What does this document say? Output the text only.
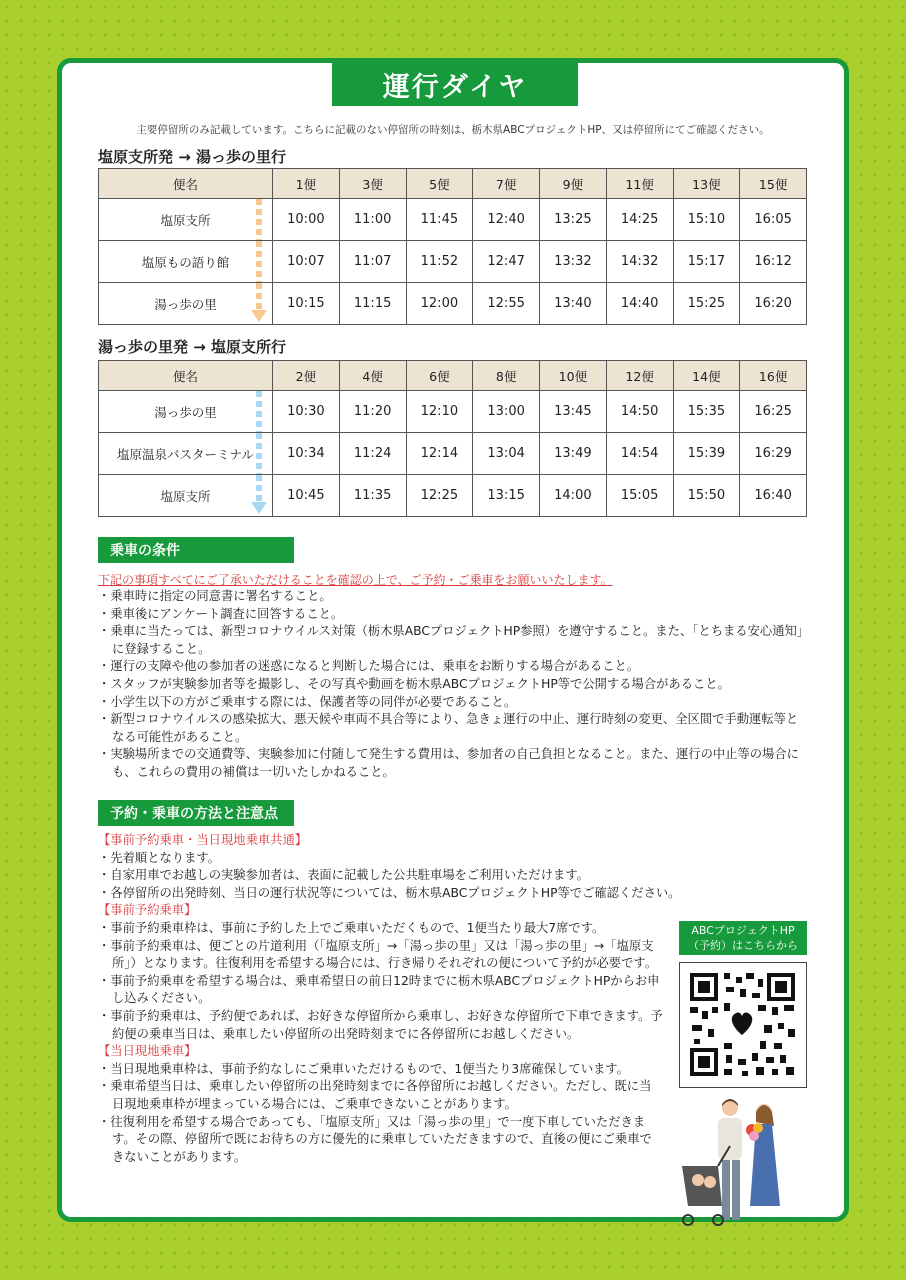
運行ダイヤ
主要停留所のみ記載しています。こちらに記載のない停留所の時刻は、栃木県ABCプロジェクトHP、又は停留所にてご確認ください。
塩原支所発 → 湯っ歩の里行
便名	1便	3便	5便	7便	9便	11便	13便	15便
塩原支所	10:00	11:00	11:45	12:40	13:25	14:25	15:10	16:05
塩原もの語り館	10:07	11:07	11:52	12:47	13:32	14:32	15:17	16:12
湯っ歩の里	10:15	11:15	12:00	12:55	13:40	14:40	15:25	16:20
湯っ歩の里発 → 塩原支所行
便名	2便	4便	6便	8便	10便	12便	14便	16便
湯っ歩の里	10:30	11:20	12:10	13:00	13:45	14:50	15:35	16:25
塩原温泉バスターミナル	10:34	11:24	12:14	13:04	13:49	14:54	15:39	16:29
塩原支所	10:45	11:35	12:25	13:15	14:00	15:05	15:50	16:40
乗車の条件
下記の事項すべてにご了承いただけることを確認の上で、ご予約・ご乗車をお願いいたします。
・ 乗車時に指定の同意書に署名すること。
・ 乗車後にアンケート調査に回答すること。
・ 乗車に当たっては、新型コロナウイルス対策（栃木県ABCプロジェクトHP参照）を遵守すること。また、「とちまる安心通知」に登録すること。
・ 運行の支障や他の参加者の迷惑になると判断した場合には、乗車をお断りする場合があること。
・ スタッフが実験参加者等を撮影し、その写真や動画を栃木県ABCプロジェクトHP等で公開する場合があること。
・ 小学生以下の方がご乗車する際には、保護者等の同伴が必要であること。
・ 新型コロナウイルスの感染拡大、悪天候や車両不具合等により、急きょ運行の中止、運行時刻の変更、全区間で手動運転等となる可能性があること。
・ 実験場所までの交通費等、実験参加に付随して発生する費用は、参加者の自己負担となること。また、運行の中止等の場合にも、これらの費用の補償は一切いたしかねること。
予約・乗車の方法と注意点
【事前予約乗車・当日現地乗車共通】
・ 先着順となります。
・ 自家用車でお越しの実験参加者は、表面に記載した公共駐車場をご利用いただけます。
・ 各停留所の出発時刻、当日の運行状況等については、栃木県ABCプロジェクトHP等でご確認ください。
【事前予約乗車】
・ 事前予約乗車枠は、事前に予約した上でご乗車いただくもので、1便当たり最大7席です。
・ 事前予約乗車は、便ごとの片道利用（「塩原支所」→「湯っ歩の里」又は「湯っ歩の里」→「塩原支所」）となります。往復利用を希望する場合には、行き帰りそれぞれの便について予約が必要です。
・ 事前予約乗車を希望する場合は、乗車希望日の前日12時までに栃木県ABCプロジェクトHPからお申し込みください。
・ 事前予約乗車は、予約便であれば、お好きな停留所から乗車し、お好きな停留所で下車できます。予約便の乗車当日は、乗車したい停留所の出発時刻までに各停留所にお越しください。
【当日現地乗車】
・ 当日現地乗車枠は、事前予約なしにご乗車いただけるもので、1便当たり3席確保しています。
・ 乗車希望当日は、乗車したい停留所の出発時刻までに各停留所にお越しください。ただし、既に当日現地乗車枠が埋まっている場合には、ご乗車できないことがあります。
・ 往復利用を希望する場合であっても、「塩原支所」又は「湯っ歩の里」で一度下車していただきます。その際、停留所で既にお待ちの方に優先的に乗車していただきますので、直後の便にご乗車できないことがあります。
ABCプロジェクトHP
（予約）はこちらから
